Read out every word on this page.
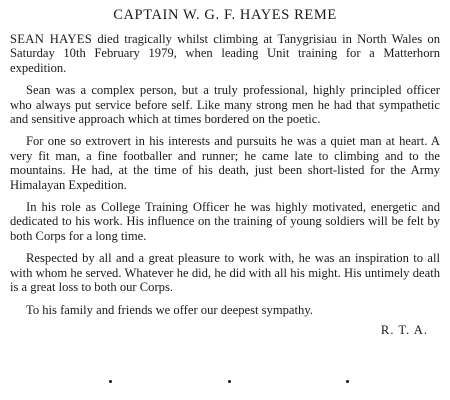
CAPTAIN W. G. F. HAYES REME

SEAN HAYES died tragically whilst climbing at Tanygrisiau in North Wales on Saturday 10th February 1979, when leading Unit training for a Matterhorn expedition.

Sean was a complex person, but a truly professional, highly principled officer who always put service before self. Like many strong men he had that sympathetic and sensitive approach which at times bordered on the poetic.

For one so extrovert in his interests and pursuits he was a quiet man at heart. A very fit man, a fine footballer and runner; he came late to climbing and to the mountains. He had, at the time of his death, just been short-listed for the Army Himalayan Expedition.

In his role as College Training Officer he was highly motivated, energetic and dedicated to his work. His influence on the training of young soldiers will be felt by both Corps for a long time.

Respected by all and a great pleasure to work with, he was an inspiration to all with whom he served. Whatever he did, he did with all his might. His untimely death is a great loss to both our Corps.

To his family and friends we offer our deepest sympathy.

R. T. A.
